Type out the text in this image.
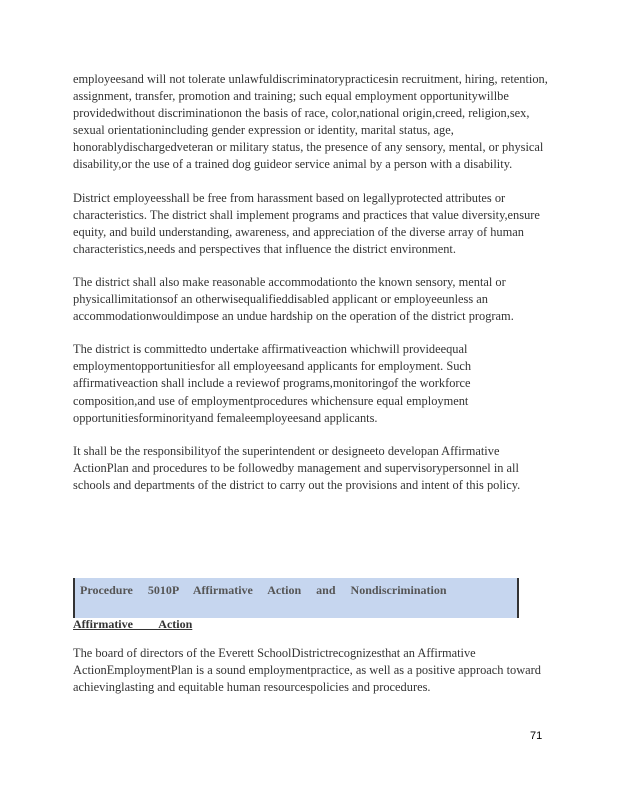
employeesand will not tolerate unlawfuldiscriminatorypracticesin recruitment, hiring, retention, assignment, transfer, promotion and training; such equal employment opportunitywillbe providedwithout discriminationon the basis of race, color,national origin,creed, religion,sex, sexual orientationincluding gender expression or identity, marital status, age, honorablydischargedveteran or military status, the presence of any sensory, mental, or physical disability,or the use of a trained dog guideor service animal by a person with a disability.

District employeesshall be free from harassment based on legallyprotected attributes or characteristics. The district shall implement programs and practices that value diversity,ensure equity, and build understanding, awareness, and appreciation of the diverse array of human characteristics,needs and perspectives that influence the district environment.

The district shall also make reasonable accommodationto the known sensory, mental or physicallimitationsof an otherwisequalifieddisabled applicant or employeeunless an accommodationwouldimpose an undue hardship on the operation of the district program.

The district is committedto undertake affirmativeaction whichwill provideequal employmentopportunitiesfor all employeesand applicants for employment. Such affirmativeaction shall include a reviewof programs,monitoringof the workforce composition,and use of employmentprocedures whichensure equal employment opportunitiesforminorityand femaleemployeesand applicants.

It shall be the responsibilityof the superintendent or designeeto developan Affirmative ActionPlan and procedures to be followedby management and supervisorypersonnel in all schools and departments of the district to carry out the provisions and intent of this policy.

Procedure 5010P Affirmative Action and Nondiscrimination
Affirmative  Action

The board of directors of the Everett SchoolDistrictrecognizesthat an Affirmative ActionEmploymentPlan is a sound employmentpractice, as well as a positive approach toward achievinglasting and equitable human resourcespolicies and procedures.

71
